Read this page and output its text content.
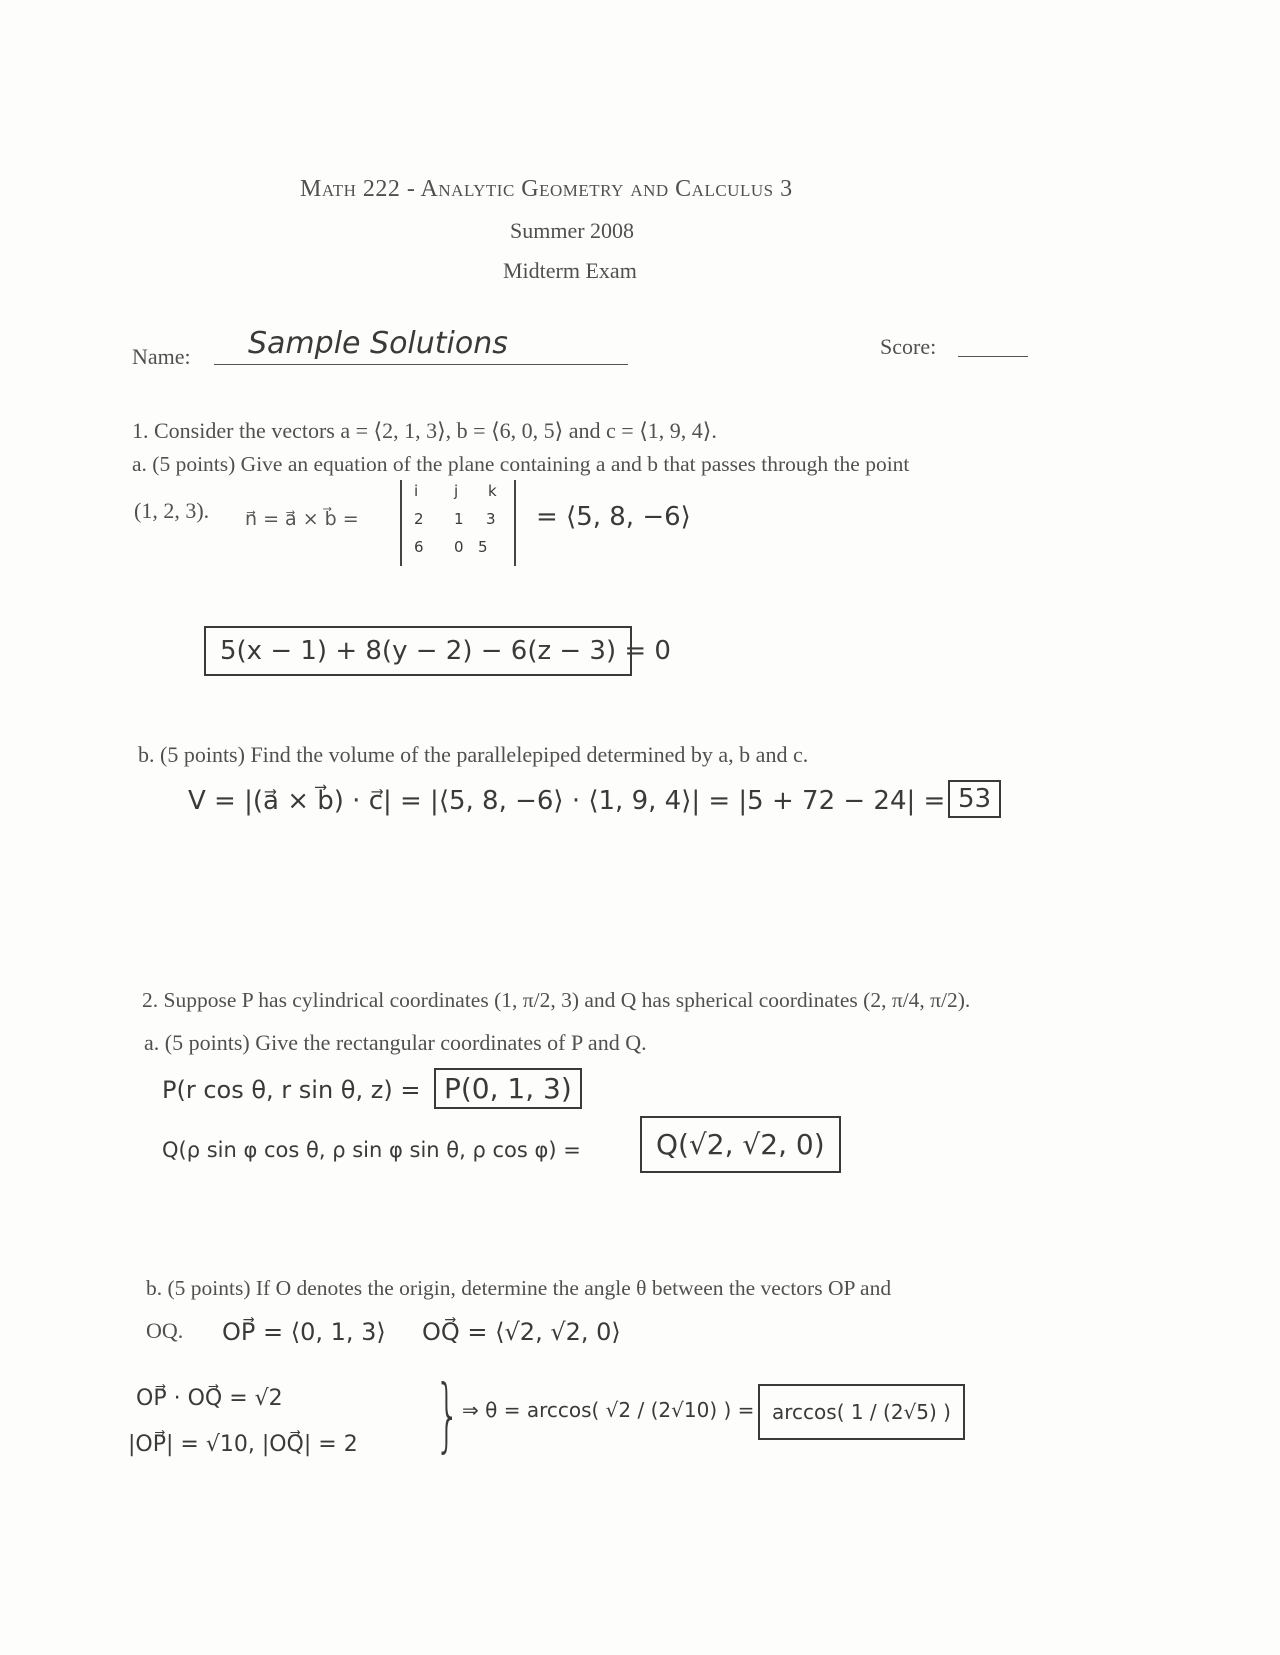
Math 222 - Analytic Geometry and Calculus 3
Summer 2008
Midterm Exam
Name: Sample Solutions	Score:
1. Consider the vectors a = ⟨2, 1, 3⟩, b = ⟨6, 0, 5⟩ and c = ⟨1, 9, 4⟩.
a. (5 points) Give an equation of the plane containing a and b that passes through the point
(1, 2, 3). n⃗ = a⃗ × b⃗ =
i j k
2 1 3
6 0 5
= ⟨5, 8, −6⟩
5(x − 1) + 8(y − 2) − 6(z − 3) = 0
b. (5 points) Find the volume of the parallelepiped determined by a, b and c.
V = |(a⃗ × b⃗) · c⃗| = |⟨5, 8, −6⟩ · ⟨1, 9, 4⟩| = |5 + 72 − 24| = 53
2. Suppose P has cylindrical coordinates (1, π/2, 3) and Q has spherical coordinates (2, π/4, π/2).
a. (5 points) Give the rectangular coordinates of P and Q.
P(r cos θ, r sin θ, z) = P(0, 1, 3)
Q(ρ sin φ cos θ, ρ sin φ sin θ, ρ cos φ) =	Q(√2, √2, 0)
b. (5 points) If O denotes the origin, determine the angle θ between the vectors OP and
OQ. OP⃗ = ⟨0, 1, 3⟩ OQ⃗ = ⟨√2, √2, 0⟩
OP⃗ · OQ⃗ = √2
|OP⃗| = √10, |OQ⃗| = 2 } ⇒ θ = arccos( √2 / (2√10) ) = arccos( 1 / (2√5) )
